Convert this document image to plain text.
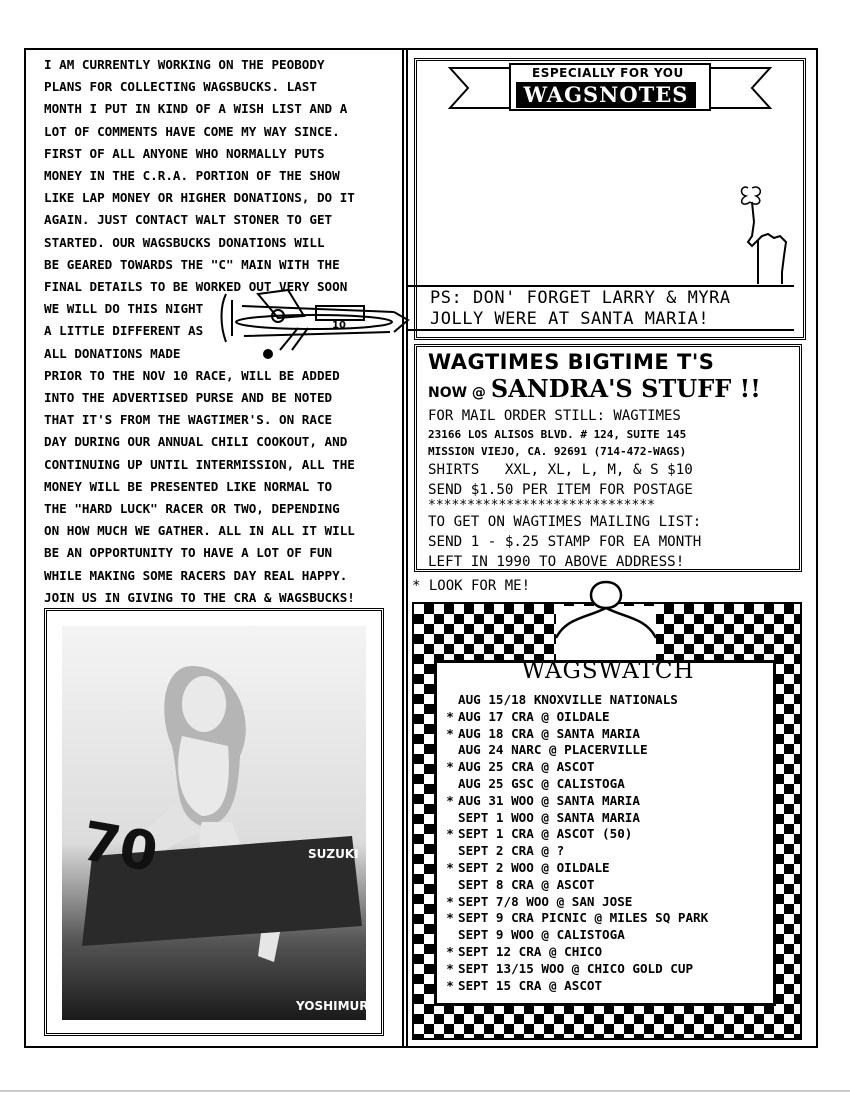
I AM CURRENTLY WORKING ON THE PEOBODY
PLANS FOR COLLECTING WAGSBUCKS. LAST
MONTH I PUT IN KIND OF A WISH LIST AND A
LOT OF COMMENTS HAVE COME MY WAY SINCE.
FIRST OF ALL ANYONE WHO NORMALLY PUTS
MONEY IN THE C.R.A. PORTION OF THE SHOW
LIKE LAP MONEY OR HIGHER DONATIONS, DO IT
AGAIN. JUST CONTACT WALT STONER TO GET
STARTED. OUR WAGSBUCKS DONATIONS WILL
BE GEARED TOWARDS THE "C" MAIN WITH THE
FINAL DETAILS TO BE WORKED OUT VERY SOON
WE WILL DO THIS NIGHT
A LITTLE DIFFERENT AS
ALL DONATIONS MADE
PRIOR TO THE NOV 10 RACE, WILL BE ADDED
INTO THE ADVERTISED PURSE AND BE NOTED
THAT IT'S FROM THE WAGTIMER'S. ON RACE
DAY DURING OUR ANNUAL CHILI COOKOUT, AND
CONTINUING UP UNTIL INTERMISSION, ALL THE
MONEY WILL BE PRESENTED LIKE NORMAL TO
THE "HARD LUCK" RACER OR TWO, DEPENDING
ON HOW MUCH WE GATHER. ALL IN ALL IT WILL
BE AN OPPORTUNITY TO HAVE A LOT OF FUN
WHILE MAKING SOME RACERS DAY REAL HAPPY.
JOIN US IN GIVING TO THE CRA & WAGSBUCKS!
10
ESPECIALLY FOR YOU
WAGSNOTES
PS: DON' FORGET LARRY & MYRA
JOLLY WERE AT SANTA MARIA!
WAGTIMES BIGTIME T'S
NOW @ SANDRA'S STUFF !!
FOR MAIL ORDER STILL: WAGTIMES
23166 LOS ALISOS BLVD. # 124, SUITE 145
MISSION VIEJO, CA. 92691 (714-472-WAGS)
SHIRTS XXL, XL, L, M, & S $10
SEND $1.50 PER ITEM FOR POSTAGE
*****************************
TO GET ON WAGTIMES MAILING LIST:
SEND 1 - $.25 STAMP FOR EA MONTH
LEFT IN 1990 TO ABOVE ADDRESS!
* LOOK FOR ME!
WAGSWATCH
AUG 15/18 KNOXVILLE NATIONALS
* AUG 17 CRA @ OILDALE
* AUG 18 CRA @ SANTA MARIA
AUG 24 NARC @ PLACERVILLE
* AUG 25 CRA @ ASCOT
AUG 25 GSC @ CALISTOGA
* AUG 31 WOO @ SANTA MARIA
SEPT 1 WOO @ SANTA MARIA
* SEPT 1 CRA @ ASCOT (50)
SEPT 2 CRA @ ?
* SEPT 2 WOO @ OILDALE
SEPT 8 CRA @ ASCOT
* SEPT 7/8 WOO @ SAN JOSE
* SEPT 9 CRA PICNIC @ MILES SQ PARK
SEPT 9 WOO @ CALISTOGA
* SEPT 12 CRA @ CHICO
* SEPT 13/15 WOO @ CHICO GOLD CUP
* SEPT 15 CRA @ ASCOT
70	SUZUKI
YOSHIMURA
